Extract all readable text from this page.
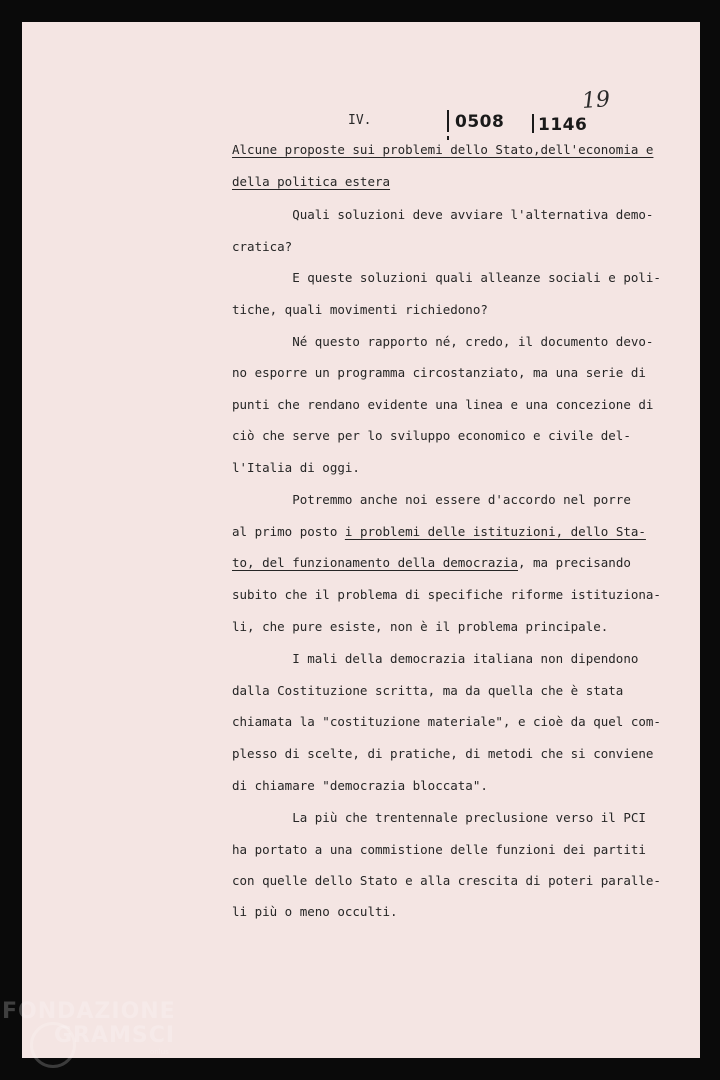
IV.	0508 1146
19
Alcune proposte sui problemi dello Stato,dell'economia e
della politica estera
Quali soluzioni deve avviare l'alternativa demo-
cratica?
E queste soluzioni quali alleanze sociali e poli-
tiche, quali movimenti richiedono?
Né questo rapporto né, credo, il documento devo-
no esporre un programma circostanziato, ma una serie di
punti che rendano evidente una linea e una concezione di
ciò che serve per lo sviluppo economico e civile del-
l'Italia di oggi.
Potremmo anche noi essere d'accordo nel porre
al primo posto i problemi delle istituzioni, dello Sta-
to, del funzionamento della democrazia, ma precisando
subito che il problema di specifiche riforme istituziona-
li, che pure esiste, non è il problema principale.
I mali della democrazia italiana non dipendono
dalla Costituzione scritta, ma da quella che è stata
chiamata la "costituzione materiale", e cioè da quel com-
plesso di scelte, di pratiche, di metodi che si conviene
di chiamare "democrazia bloccata".
La più che trentennale preclusione verso il PCI
ha portato a una commistione delle funzioni dei partiti
con quelle dello Stato e alla crescita di poteri paralle-
li più o meno occulti.
FONDAZIONE
GRAMSCI
onlus
